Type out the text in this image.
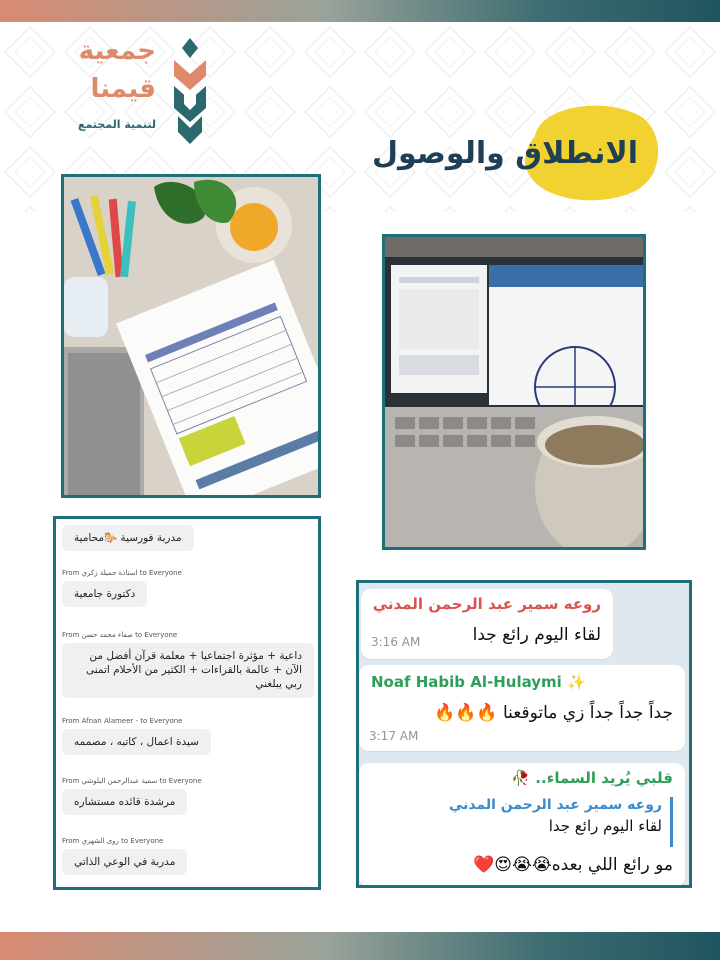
جمعية
قيمنا
لتنمية المجتمع
الانطلاق والوصول
مدربة فورسية 🐎محامية
From استاذة جميلة زكري to Everyone
دكتورة جامعية
From صفاء محمد حسن to Everyone
داعية + مؤثرة اجتماعيا + معلمة قرآن أفضل من الآن + عالمة بالقراءات + الكثير من الأحلام اتمنى ربي يبلغني
From Afnan Alameer - to Everyone
سيدة اعمال ، كاتبه ، مصممه
From سمية عبدالرحمن البلوشي to Everyone
مرشدة قائده مستشاره
From روى الشهري to Everyone
مدربة في الوعي الذاتي
روعه سمير عبد الرحمن المدني
لقاء اليوم رائع جدا
3:16 AM
Noaf Habib Al-Hulaymi ✨
جداً جداً جداً زي ماتوقعنا 🔥🔥🔥
3:17 AM
قلبي يُريد السماء.. 🥀
روعه سمير عبد الرحمن المدني
لقاء اليوم رائع جدا
مو رائع اللي بعده😭😭😍❤️
